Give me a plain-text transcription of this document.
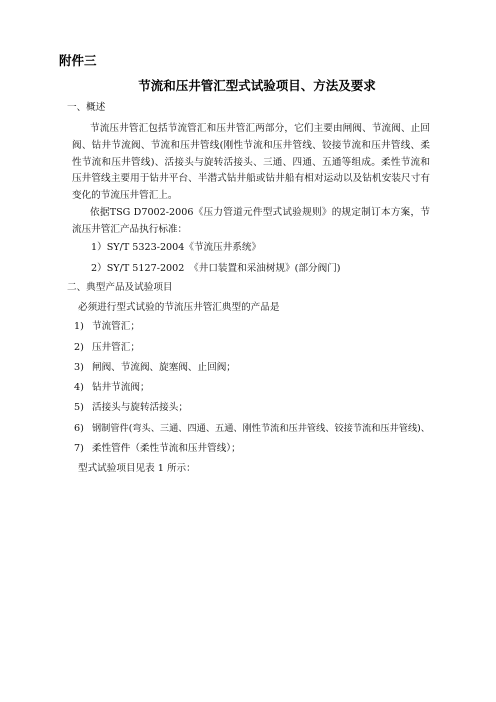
附件三
节流和压井管汇型式试验项目、方法及要求
一、概述
节流压井管汇包括节流管汇和压井管汇两部分，它们主要由闸阀、节流阀、止回阀、钻井节流阀、节流和压井管线(刚性节流和压井管线、铰接节流和压井管线、柔性节流和压井管线)、活接头与旋转活接头、三通、四通、五通等组成。柔性节流和压井管线主要用于钻井平台、半潜式钻井船或钻井船有相对运动以及钻机安装尺寸有变化的节流压井管汇上。
依据TSG D7002-2006《压力管道元件型式试验规则》的规定制订本方案，节流压井管汇产品执行标准：
1）SY/T 5323-2004《节流压井系统》
2）SY/T 5127-2002　《井口装置和采油树规》(部分阀门)
二、典型产品及试验项目
必须进行型式试验的节流压井管汇典型的产品是
1) 节流管汇；
2) 压井管汇；
3) 闸阀、节流阀、旋塞阀、止回阀；
4) 钻井节流阀；
5) 活接头与旋转活接头；
6) 钢制管件(弯头、三通、四通、五通、刚性节流和压井管线、铰接节流和压井管线)、
7) 柔性管件（柔性节流和压井管线）；
型式试验项目见表 1 所示：
